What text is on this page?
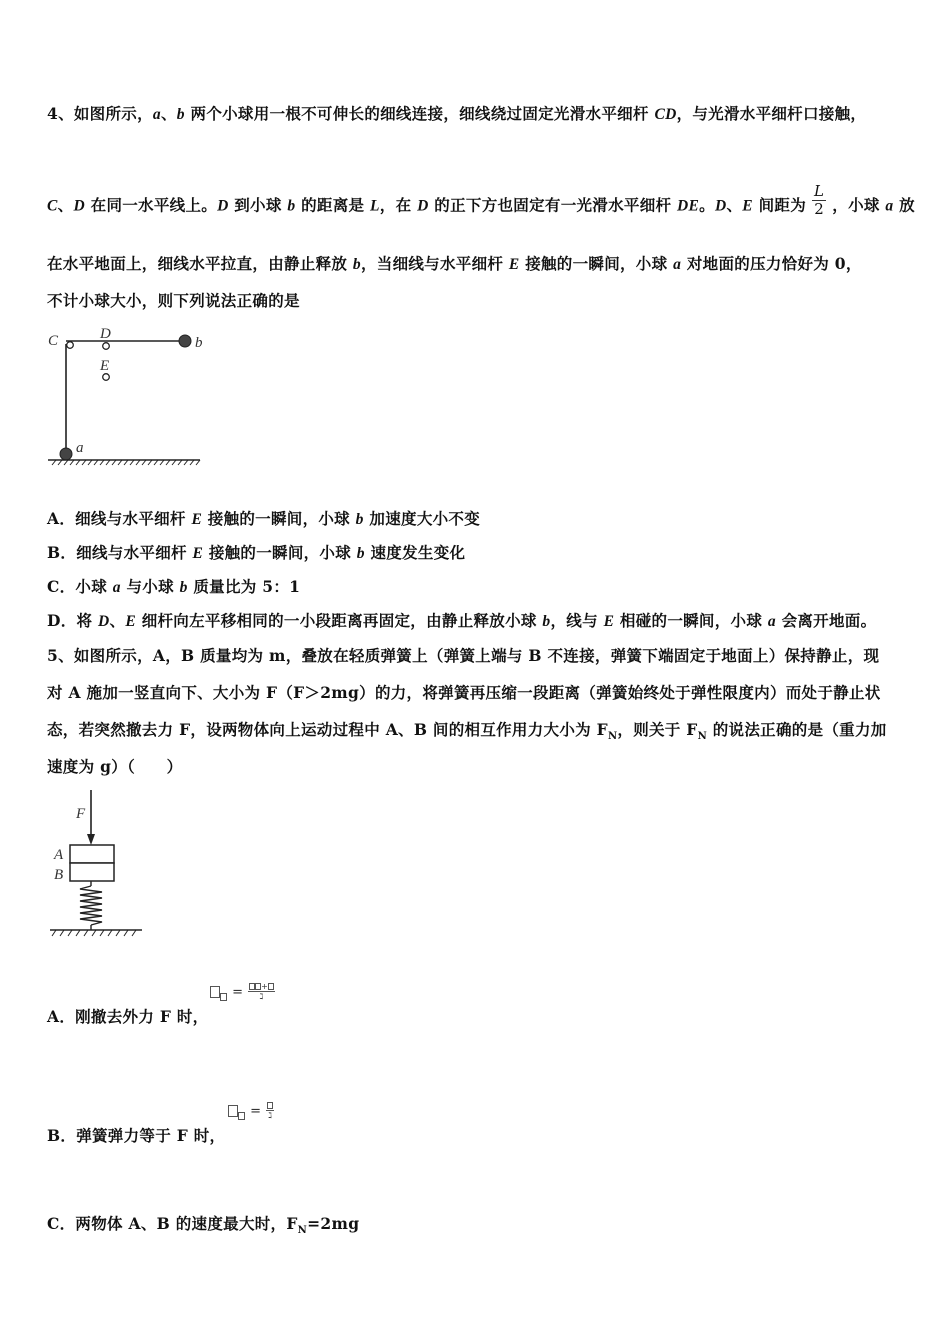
4、如图所示，a、b 两个小球用一根不可伸长的细线连接，细线绕过固定光滑水平细杆 CD，与光滑水平细杆口接触，
C、D 在同一水平线上。D 到小球 b 的距离是 L，在 D 的正下方也固定有一光滑水平细杆 DE。D、E 间距为 $\frac{L}{2}$ ，小球 a 放
在水平地面上，细线水平拉直，由静止释放 b，当细线与水平细杆 E 接触的一瞬间，小球 a 对地面的压力恰好为 0，
不计小球大小，则下列说法正确的是
C	D
E
b
a
A．细线与水平细杆 E 接触的一瞬间，小球 b 加速度大小不变
B．细线与水平细杆 E 接触的一瞬间，小球 b 速度发生变化
C．小球 a 与小球 b 质量比为 5：1
D．将 D、E 细杆向左平移相同的一小段距离再固定，由静止释放小球 b，线与 E 相碰的一瞬间，小球 a 会离开地面。
5、如图所示，A，B 质量均为 m，叠放在轻质弹簧上（弹簧上端与 B 不连接，弹簧下端固定于地面上）保持静止，现
对 A 施加一竖直向下、大小为 F（F＞2mg）的力，将弹簧再压缩一段距离（弹簧始终处于弹性限度内）而处于静止状
态，若突然撤去力 F，设两物体向上运动过程中 A、B 间的相互作用力大小为 $F_N$，则关于 $F_N$ 的说法正确的是（重力加
速度为 g）（　　）
F
A
B
A．刚撤去外力 F 时，
=	+
ℷ
B．弹簧弹力等于 F 时，
= ℷ
C．两物体 A、B 的速度最大时，$F_N=2mg$
